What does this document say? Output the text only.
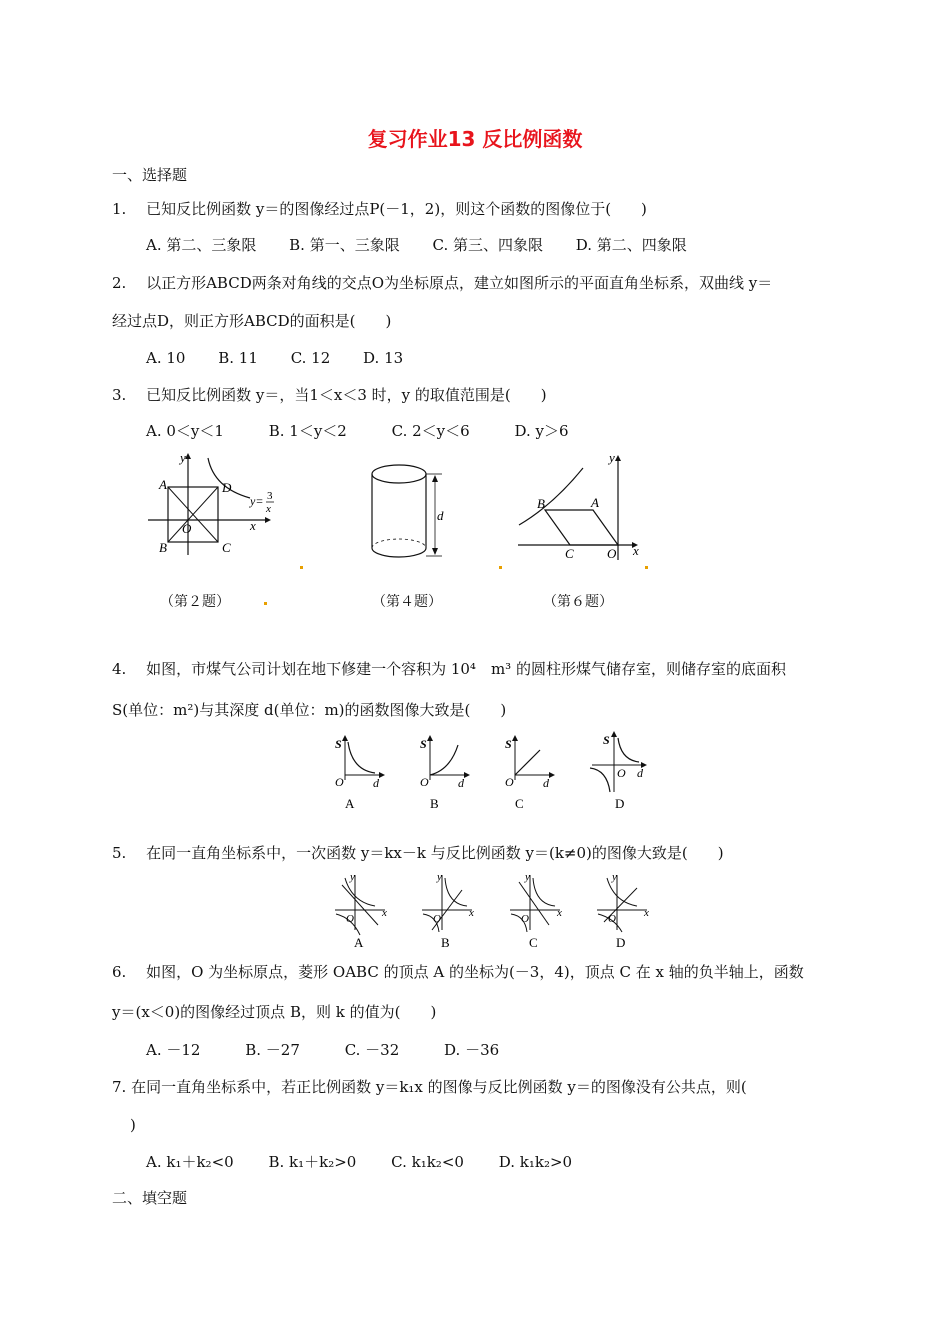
复习作业13 反比例函数
一、选择题
1.　 已知反比例函数 y＝的图像经过点P(－1，2)，则这个函数的图像位于(　　)
A. 第二、三象限 B. 第一、三象限 C. 第三、四象限 D. 第二、四象限
2.　 以正方形ABCD两条对角线的交点O为坐标原点，建立如图所示的平面直角坐标系，双曲线 y＝
经过点D，则正方形ABCD的面积是(　　)
A. 10 B. 11 C. 12 D. 13
3.　 已知反比例函数 y＝，当1＜x＜3 时，y 的取值范围是(　　)
A. 0＜y＜1	B. 1＜y＜2	C. 2＜y＜6	D. y＞6
y
x
A
B	C
D
O
y= 3
x	d
y
x
A
B
C	O
（第２题）	（第４题）	（第６题）
4.　 如图，市煤气公司计划在地下修建一个容积为 10⁴　m³ 的圆柱形煤气储存室，则储存室的底面积
S(单位：m²)与其深度 d(单位：m)的函数图像大致是(　　)
S
O d
A
S
O d
B
S
O d
C
S
O d
D
5.　 在同一直角坐标系中，一次函数 y＝kx－k 与反比例函数 y＝(k≠0)的图像大致是(　　)
y
O	x
A
y
O	x
B
y
O	x
C
y
O	x
D
6.　 如图，O 为坐标原点，菱形 OABC 的顶点 A 的坐标为(－3，4)，顶点 C 在 x 轴的负半轴上，函数
y＝(x＜0)的图像经过顶点 B，则 k 的值为(　　)
A. －12	B. －27	C. －32	D. －36
7. 在同一直角坐标系中，若正比例函数 y＝k₁x 的图像与反比例函数 y＝的图像没有公共点，则(
)
A. k₁＋k₂<0 B. k₁＋k₂>0 C. k₁k₂<0 D. k₁k₂>0
二、填空题
